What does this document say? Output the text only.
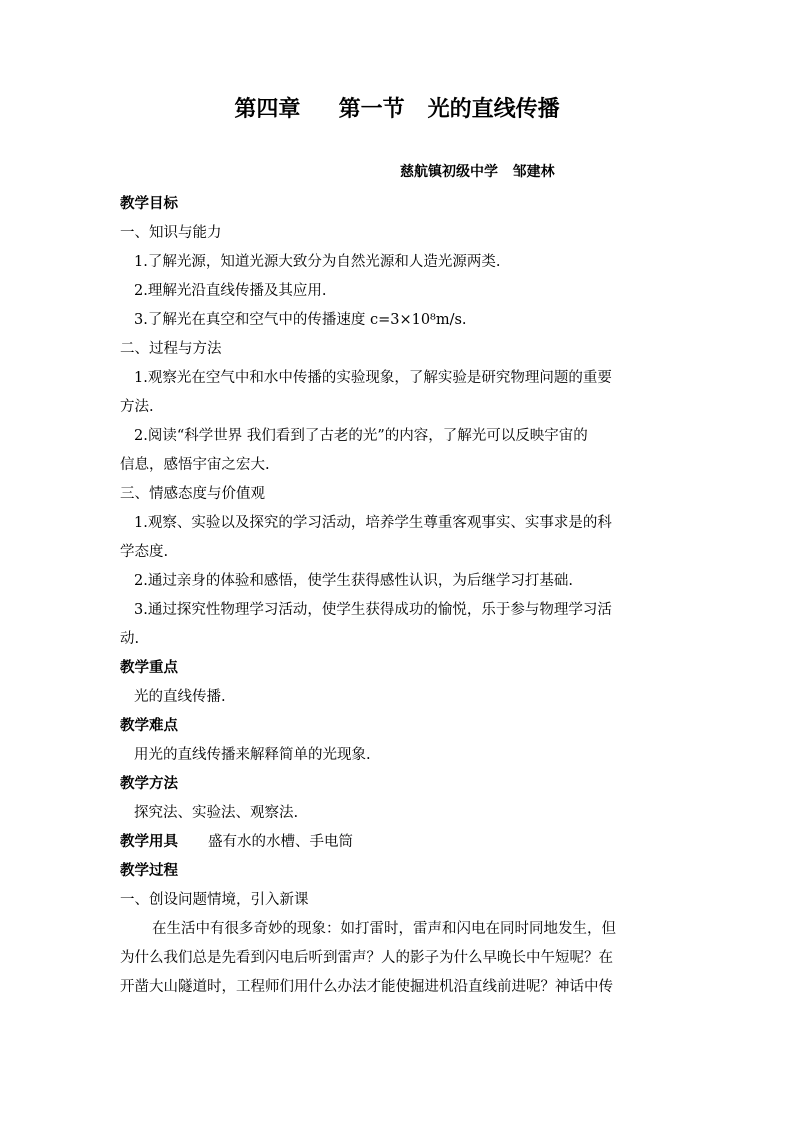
第四章     第一节   光的直线传播
慈航镇初级中学   邹建林
教学目标
一、知识与能力
1.了解光源，知道光源大致分为自然光源和人造光源两类.
2.理解光沿直线传播及其应用.
3.了解光在真空和空气中的传播速度 c=3×10⁸m/s.
二、过程与方法
1.观察光在空气中和水中传播的实验现象，了解实验是研究物理问题的重要
方法.
2.阅读“科学世界 我们看到了古老的光”的内容，了解光可以反映宇宙的
信息，感悟宇宙之宏大.
三、情感态度与价值观
1.观察、实验以及探究的学习活动，培养学生尊重客观事实、实事求是的科
学态度.
2.通过亲身的体验和感悟，使学生获得感性认识，为后继学习打基础.
3.通过探究性物理学习活动，使学生获得成功的愉悦，乐于参与物理学习活
动.
教学重点
光的直线传播.
教学难点
用光的直线传播来解释简单的光现象.
教学方法
探究法、实验法、观察法.
教学用具 盛有水的水槽、手电筒
教学过程
一、创设问题情境，引入新课
在生活中有很多奇妙的现象：如打雷时，雷声和闪电在同时同地发生，但
为什么我们总是先看到闪电后听到雷声？人的影子为什么早晚长中午短呢？在
开凿大山隧道时，工程师们用什么办法才能使掘进机沿直线前进呢？神话中传
